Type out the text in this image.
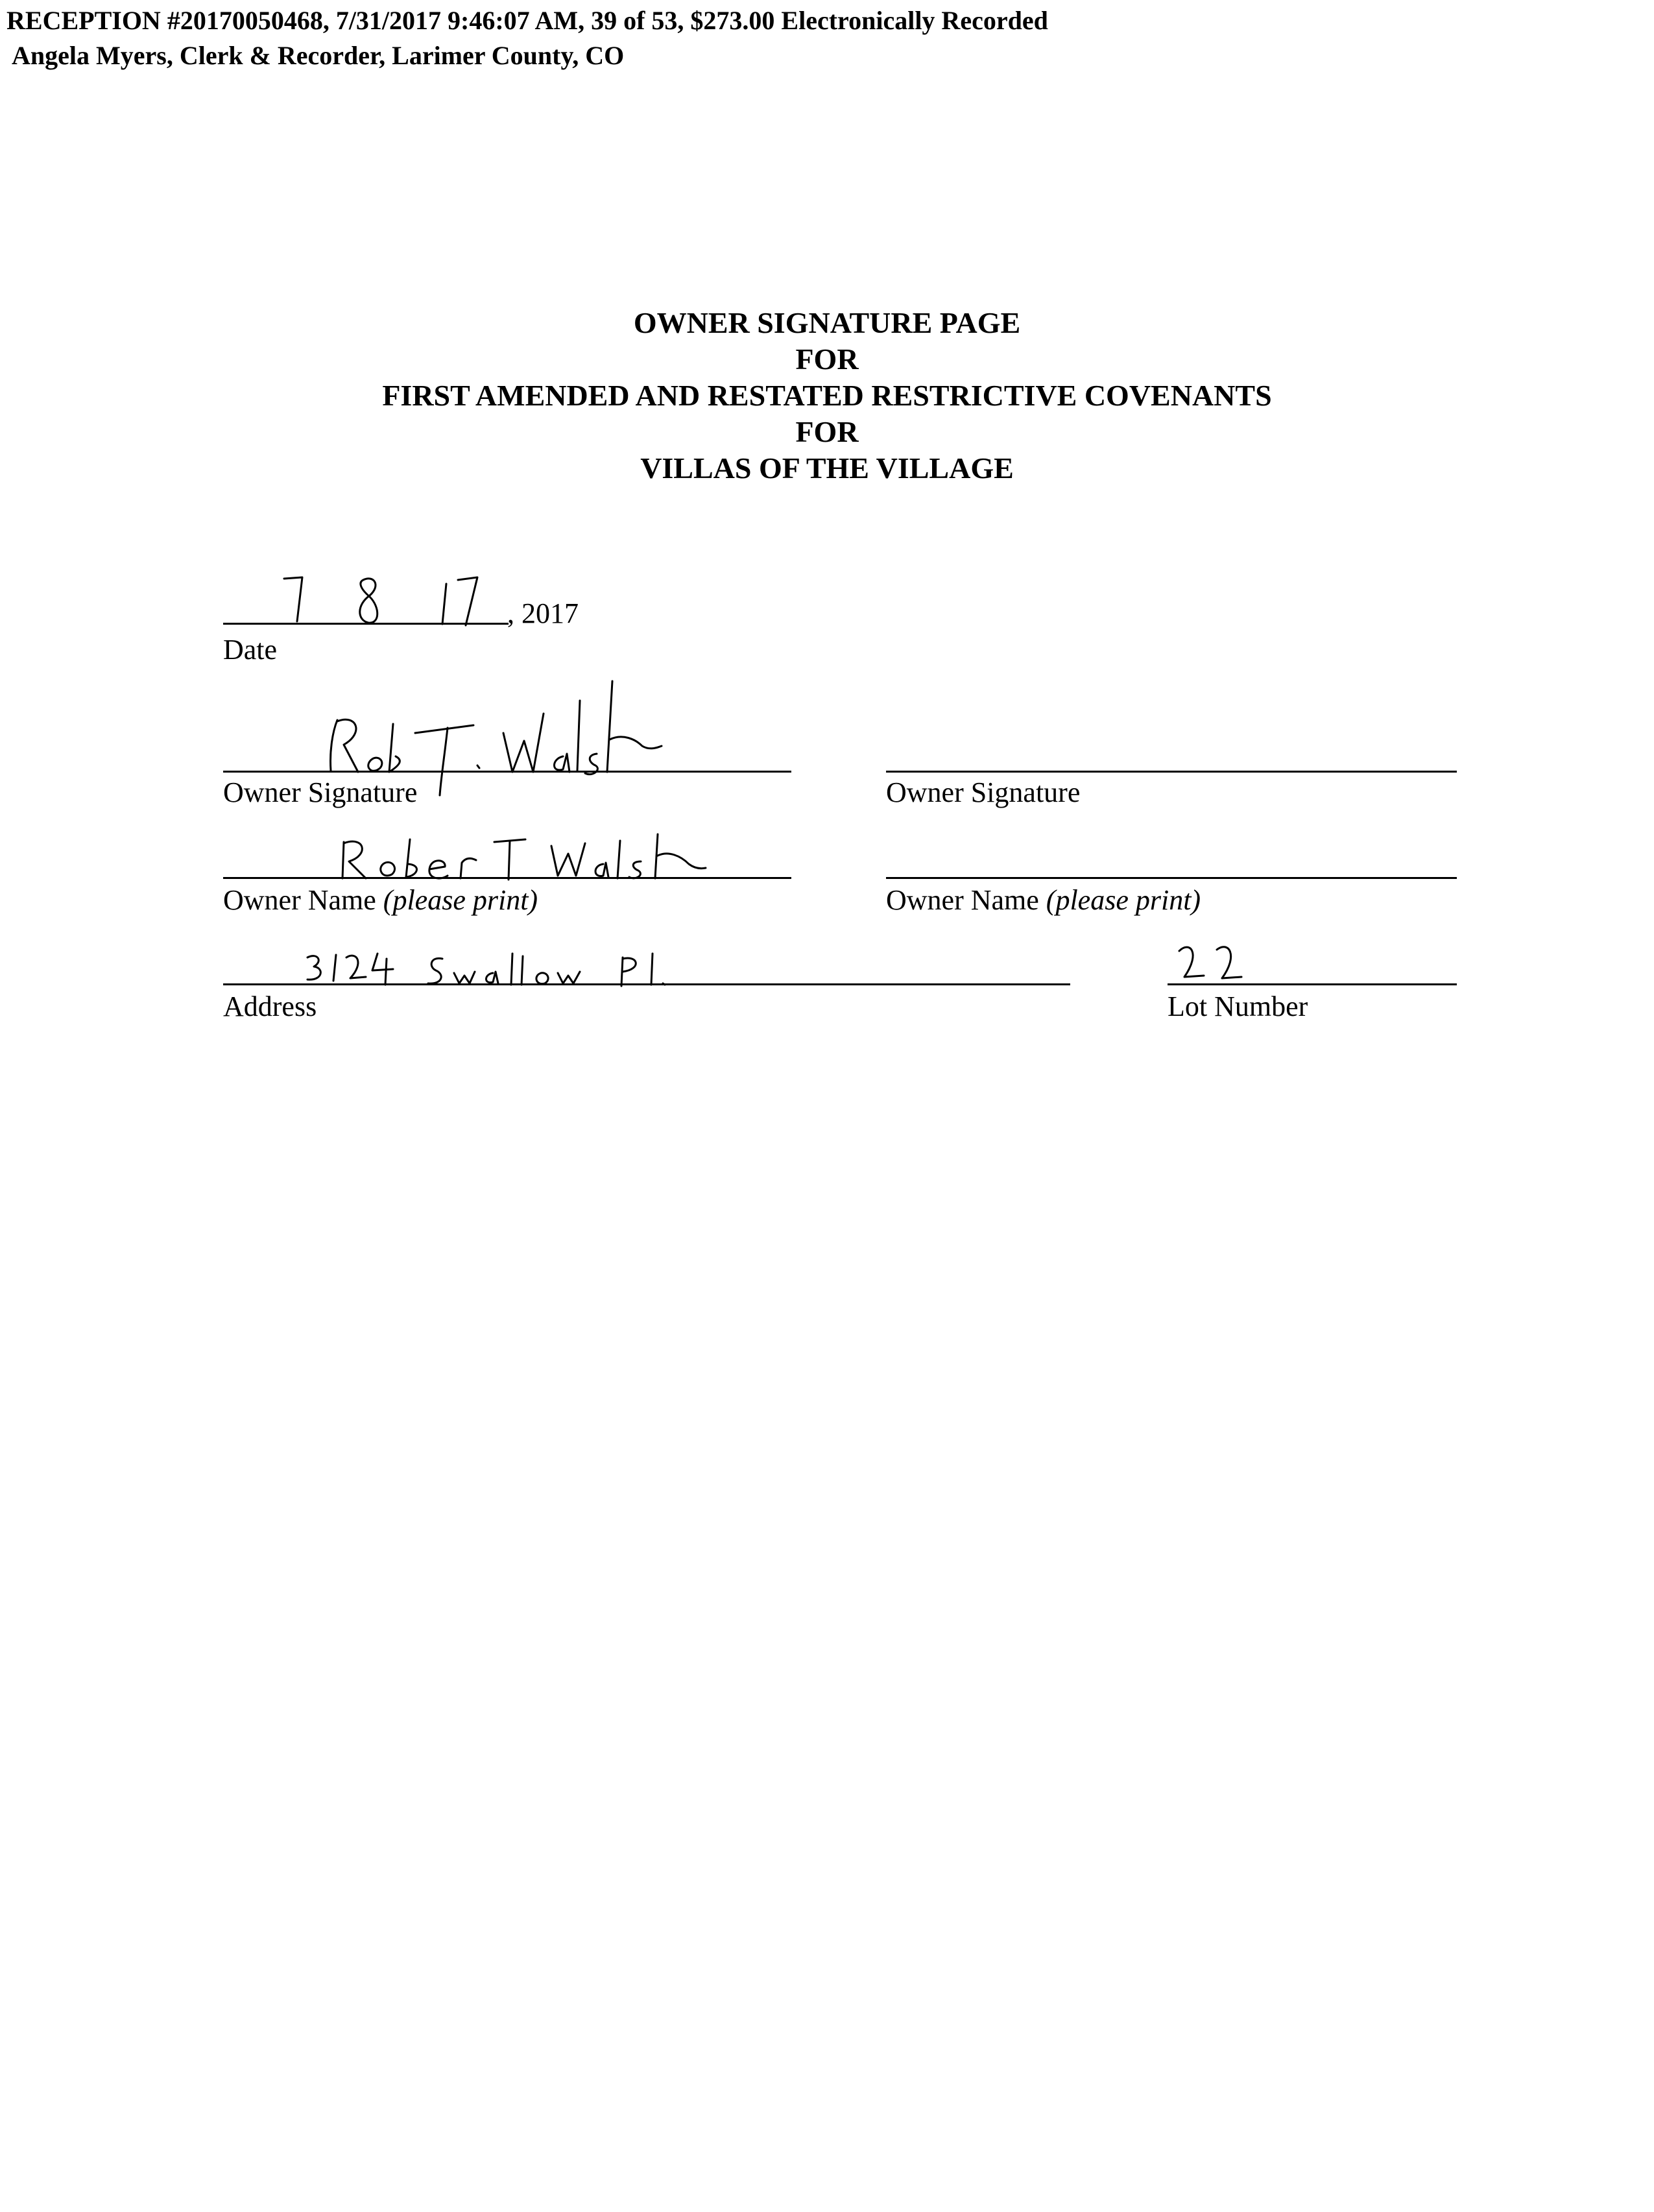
RECEPTION #20170050468, 7/31/2017 9:46:07 AM, 39 of 53, $273.00 Electronically Recorded
Angela Myers, Clerk & Recorder, Larimer County, CO
OWNER SIGNATURE PAGE
FOR
FIRST AMENDED AND RESTATED RESTRICTIVE COVENANTS
FOR
VILLAS OF THE VILLAGE
, 2017
Date
Owner Signature	Owner Signature
Owner Name (please print)	Owner Name (please print)
Address	Lot Number
